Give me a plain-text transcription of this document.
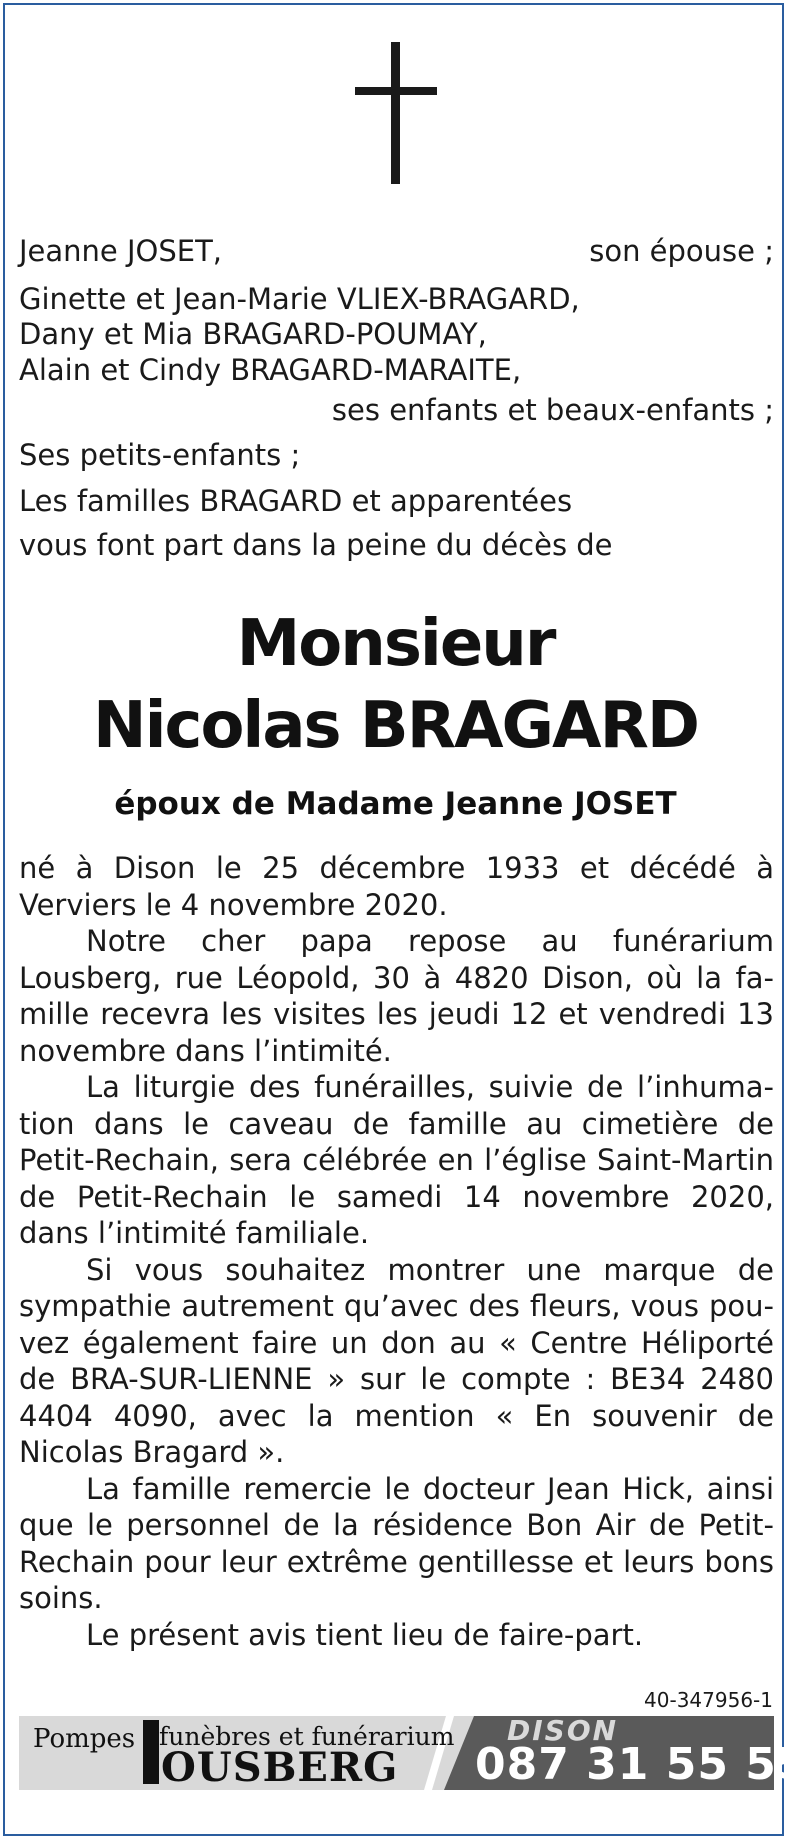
Jeanne JOSET,	son épouse ;
Ginette et Jean-Marie VLIEX-BRAGARD,
Dany et Mia BRAGARD-POUMAY,
Alain et Cindy BRAGARD-MARAITE,
ses enfants et beaux-enfants ;
Ses petits-enfants ;
Les familles BRAGARD et apparentées
vous font part dans la peine du décès de
Monsieur
Nicolas BRAGARD
époux de Madame Jeanne JOSET

né à Dison le 25 décembre 1933 et décédé à Verviers le 4 novembre 2020.

Notre cher papa repose au funérarium Lousberg, rue Léopold, 30 à 4820 Dison, où la famille recevra les visites les jeudi 12 et vendredi 13 novembre dans l’intimité.

La liturgie des funérailles, suivie de l’inhumation dans le caveau de famille au cimetière de Petit-Rechain, sera célébrée en l’église Saint-Martin de Petit-Rechain le samedi 14 novembre 2020, dans l’intimité familiale.

Si vous souhaitez montrer une marque de sympathie autrement qu’avec des fleurs, vous pouvez également faire un don au « Centre Héliporté de BRA-SUR-LIENNE » sur le compte : BE34 2480 4404 4090, avec la mention « En souvenir de Nicolas Bragard ».

La famille remercie le docteur Jean Hick, ainsi que le personnel de la résidence Bon Air de Petit-Rechain pour leur extrême gentillesse et leurs bons soins.

Le présent avis tient lieu de faire-part.

40-347956-1
Pompes funèbres et funérarium
OUSBERG
DISON
087 31 55 55
